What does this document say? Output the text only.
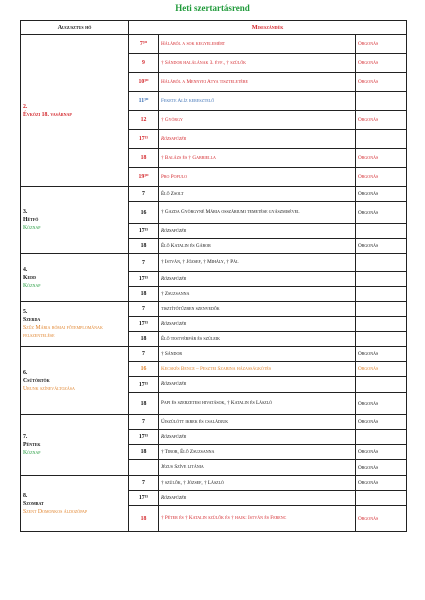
Heti szertartásrend
Augusztus hó	Miseszándék		

2.
Évközi 18. vasárnap	7³⁰	Hálából a sok kegyelemért	Orgonás
	9	† Sándor halálának 3. évf., † szülők	Orgonás
	10³⁰	Hálából a Mennyei Atya tiszteletére	Orgonás
	11³⁰	Fekete Alíz keresztelő	
	12	† György	Orgonás
	17¹⁵	Rózsafüzér	
	18	† Balázs és † Gabriella	Orgonás
	19³⁰	Pro Populo	Orgonás

3.
Hétfő
Köznap	7	Élő Zsolt	Orgonás
	16	† Gazda Györgyné Mária osszáriumi temetése gyászmisével	Orgonás
	17¹⁵	Rózsafüzér	
	18	Élő Katalin és Gábor	Orgonás

4.
Kedd
Köznap	7	† István, † József, † Mihály, † Pál	
	17¹⁵	Rózsafüzér	
	18	† Zsuzsanna	

5.
Szerda
Szűz Mária római főtemplomának felszentelése	7	tisztítótűzben szenvedők	
	17¹⁵	Rózsafüzér	
	18	Élő testvérpár és szüleik	

6.
Csütörtök
Urunk színeváltozása	7	† Sándor	Orgonás
	16	Kecskés Bence – Pesztei Szabina házasságkötés	Orgonás
	17¹⁵	Rózsafüzér	
	18	Papi és szerzetesi hivatások, † Katalin és László	Orgonás

7.
Péntek
Köznap	7	Újszülött ikrek és családjuk	Orgonás
	17¹⁵	Rózsafüzér	
	18	† Tibor, Élő Zsuzsanna	Orgonás
		Jézus Szíve litánia	Orgonás

8.
Szombat
Szent Domonkos áldozópap	7	† szülők, † József, † László	Orgonás
	17¹⁵	Rózsafüzér	
	18	† Péter és † Katalin szülők és † hajk: István és Ferenc	Orgonás
